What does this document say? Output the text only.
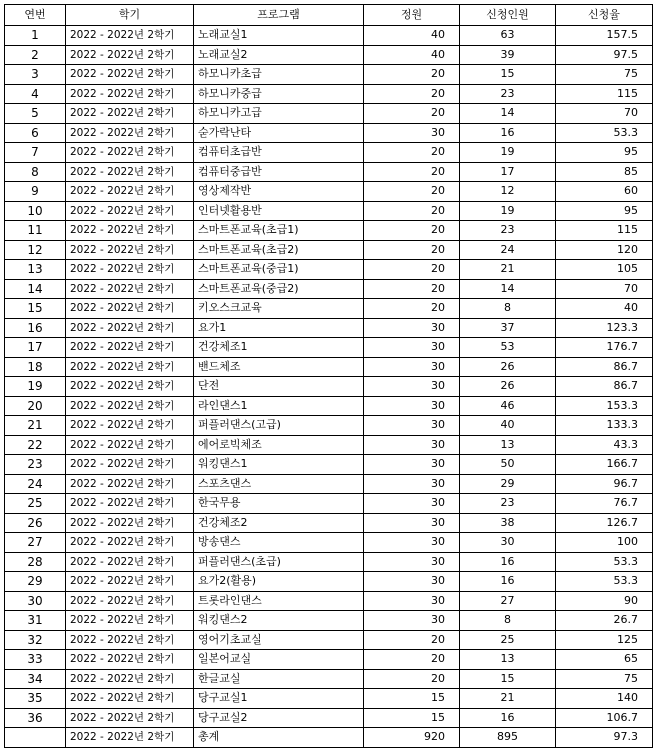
연번	학기	프로그램	정원	신청인원	신청율
1	2022 - 2022년 2학기	노래교실1	40	63	157.5
2	2022 - 2022년 2학기	노래교실2	40	39	97.5
3	2022 - 2022년 2학기	하모니카초급	20	15	75
4	2022 - 2022년 2학기	하모니카중급	20	23	115
5	2022 - 2022년 2학기	하모니카고급	20	14	70
6	2022 - 2022년 2학기	숟가락난타	30	16	53.3
7	2022 - 2022년 2학기	컴퓨터초급반	20	19	95
8	2022 - 2022년 2학기	컴퓨터중급반	20	17	85
9	2022 - 2022년 2학기	영상제작반	20	12	60
10	2022 - 2022년 2학기	인터넷활용반	20	19	95
11	2022 - 2022년 2학기	스마트폰교육(초급1)	20	23	115
12	2022 - 2022년 2학기	스마트폰교육(초급2)	20	24	120
13	2022 - 2022년 2학기	스마트폰교육(중급1)	20	21	105
14	2022 - 2022년 2학기	스마트폰교육(중급2)	20	14	70
15	2022 - 2022년 2학기	키오스크교육	20	8	40
16	2022 - 2022년 2학기	요가1	30	37	123.3
17	2022 - 2022년 2학기	건강체조1	30	53	176.7
18	2022 - 2022년 2학기	밴드체조	30	26	86.7
19	2022 - 2022년 2학기	단전	30	26	86.7
20	2022 - 2022년 2학기	라인댄스1	30	46	153.3
21	2022 - 2022년 2학기	퍼플러댄스(고급)	30	40	133.3
22	2022 - 2022년 2학기	에어로빅체조	30	13	43.3
23	2022 - 2022년 2학기	워킹댄스1	30	50	166.7
24	2022 - 2022년 2학기	스포츠댄스	30	29	96.7
25	2022 - 2022년 2학기	한국무용	30	23	76.7
26	2022 - 2022년 2학기	건강체조2	30	38	126.7
27	2022 - 2022년 2학기	방송댄스	30	30	100
28	2022 - 2022년 2학기	퍼플러댄스(초급)	30	16	53.3
29	2022 - 2022년 2학기	요가2(활용)	30	16	53.3
30	2022 - 2022년 2학기	트롯라인댄스	30	27	90
31	2022 - 2022년 2학기	워킹댄스2	30	8	26.7
32	2022 - 2022년 2학기	영어기초교실	20	25	125
33	2022 - 2022년 2학기	일본어교실	20	13	65
34	2022 - 2022년 2학기	한글교실	20	15	75
35	2022 - 2022년 2학기	당구교실1	15	21	140
36	2022 - 2022년 2학기	당구교실2	15	16	106.7
	2022 - 2022년 2학기	총계	920	895	97.3
